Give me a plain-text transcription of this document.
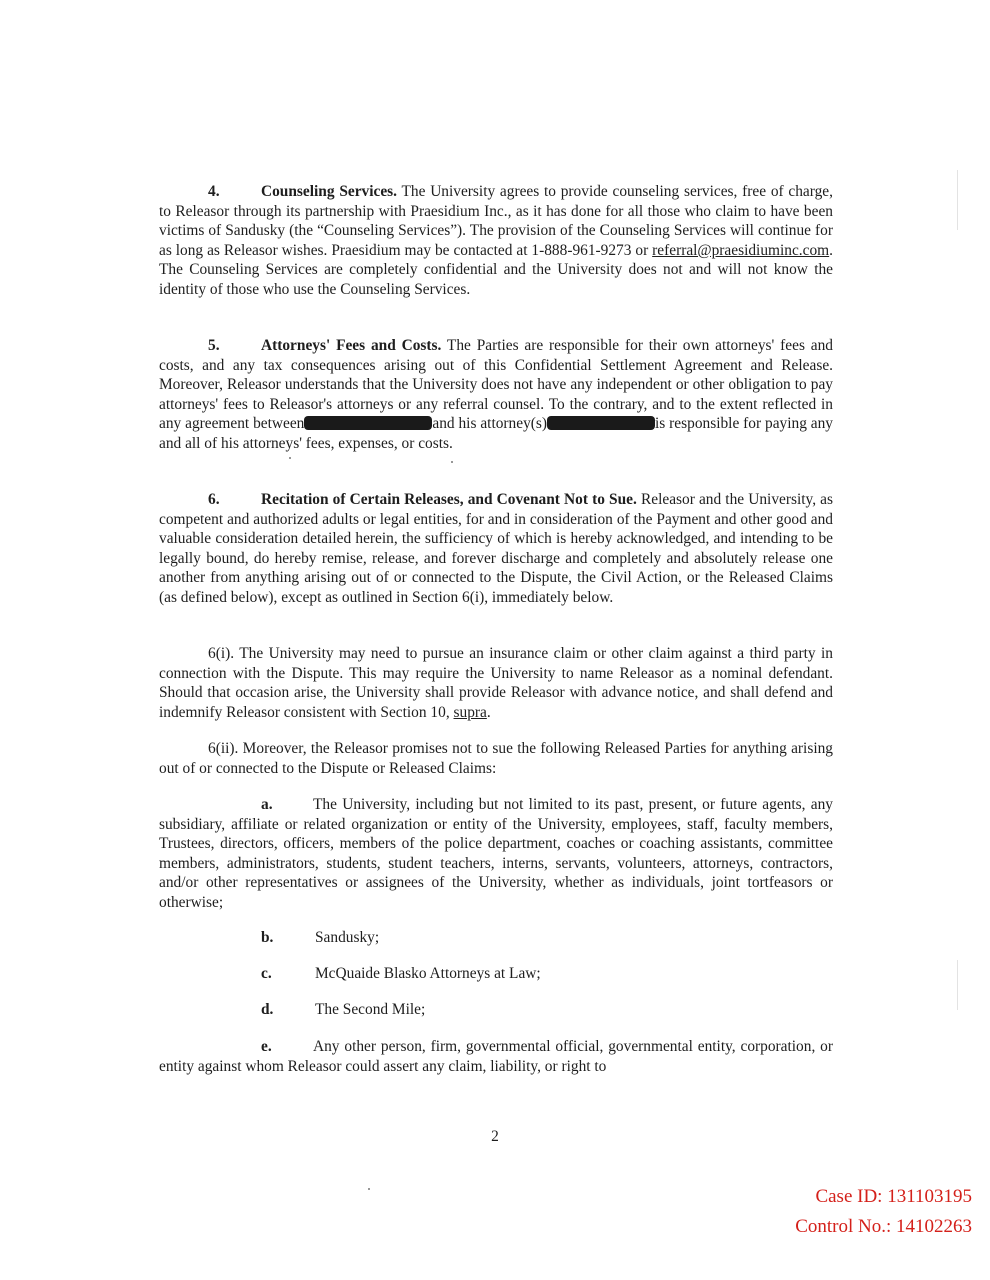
4.	Counseling Services. The University agrees to provide counseling services, free of charge, to Releasor through its partnership with Praesidium Inc., as it has done for all those who claim to have been victims of Sandusky (the “Counseling Services”). The provision of the Counseling Services will continue for as long as Releasor wishes. Praesidium may be contacted at 1-888-961-9273 or referral@praesidiuminc.com. The Counseling Services are completely confidential and the University does not and will not know the identity of those who use the Counseling Services.

5.	Attorneys' Fees and Costs. The Parties are responsible for their own attorneys' fees and costs, and any tax consequences arising out of this Confidential Settlement Agreement and Release. Moreover, Releasor understands that the University does not have any independent or other obligation to pay attorneys' fees to Releasor's attorneys or any referral counsel. To the contrary, and to the extent reflected in any agreement between	and his attorney(s)	is responsible for paying any and all of his attorneys' fees, expenses, or costs.

6.	Recitation of Certain Releases, and Covenant Not to Sue. Releasor and the University, as competent and authorized adults or legal entities, for and in consideration of the Payment and other good and valuable consideration detailed herein, the sufficiency of which is hereby acknowledged, and intending to be legally bound, do hereby remise, release, and forever discharge and completely and absolutely release one another from anything arising out of or connected to the Dispute, the Civil Action, or the Released Claims (as defined below), except as outlined in Section 6(i), immediately below.

6(i). The University may need to pursue an insurance claim or other claim against a third party in connection with the Dispute. This may require the University to name Releasor as a nominal defendant. Should that occasion arise, the University shall provide Releasor with advance notice, and shall defend and indemnify Releasor consistent with Section 10, supra.

6(ii). Moreover, the Releasor promises not to sue the following Released Parties for anything arising out of or connected to the Dispute or Released Claims:

a.	The University, including but not limited to its past, present, or future agents, any subsidiary, affiliate or related organization or entity of the University, employees, staff, faculty members, Trustees, directors, officers, members of the police department, coaches or coaching assistants, committee members, administrators, students, student teachers, interns, servants, volunteers, attorneys, contractors, and/or other representatives or assignees of the University, whether as individuals, joint tortfeasors or otherwise;

b.	Sandusky;
c.	McQuaide Blasko Attorneys at Law;
d.	The Second Mile;

e.	Any other person, firm, governmental official, governmental entity, corporation, or entity against whom Releasor could assert any claim, liability, or right to

2
Case ID: 131103195
Control No.: 14102263
